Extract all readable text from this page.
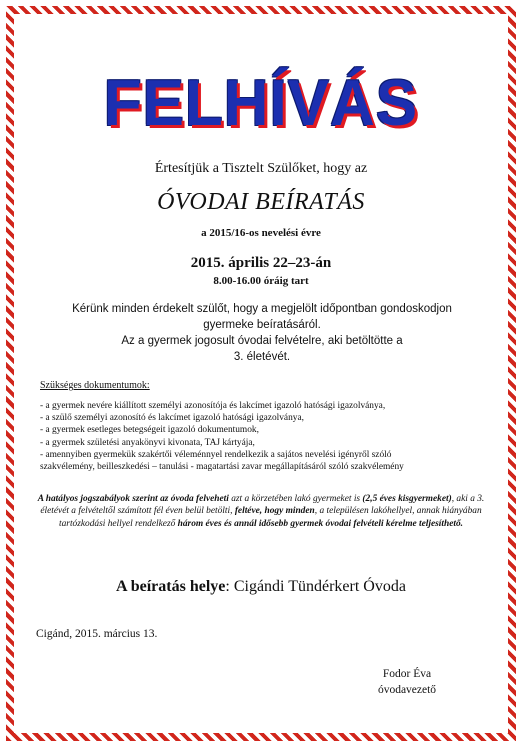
FELHÍVÁS
Értesítjük a Tisztelt Szülőket, hogy az
ÓVODAI BEÍRATÁS
a 2015/16-os nevelési évre
2015. április 22–23-án
8.00-16.00 óráig tart
Kérünk minden érdekelt szülőt, hogy a megjelölt időpontban gondoskodjon
gyermeke beíratásáról.
Az a gyermek jogosult óvodai felvételre, aki betöltötte a
3. életévét.
Szükséges dokumentumok:
- a gyermek nevére kiállított személyi azonosítója és lakcímet igazoló hatósági igazolványa,
- a szülő személyi azonosító és lakcímet igazoló hatósági igazolványa,
- a gyermek esetleges betegségeit igazoló dokumentumok,
- a gyermek születési anyakönyvi kivonata, TAJ kártyája,
- amennyiben gyermekük szakértői véleménnyel rendelkezik a sajátos nevelési igényről szóló
szakvélemény, beilleszkedési – tanulási - magatartási zavar megállapításáról szóló szakvélemény
A hatályos jogszabályok szerint az óvoda felveheti azt a körzetében lakó gyermeket is (2,5 éves kisgyermeket), aki a 3. életévét a felvételtől számított fél éven belül betölti, feltéve, hogy minden, a településen lakóhellyel, annak hiányában tartózkodási hellyel rendelkező három éves és annál idősebb gyermek óvodai felvételi kérelme teljesíthető.
A beíratás helye: Cigándi Tündérkert Óvoda
Cigánd, 2015. március 13.
Fodor Éva
óvodavezető
